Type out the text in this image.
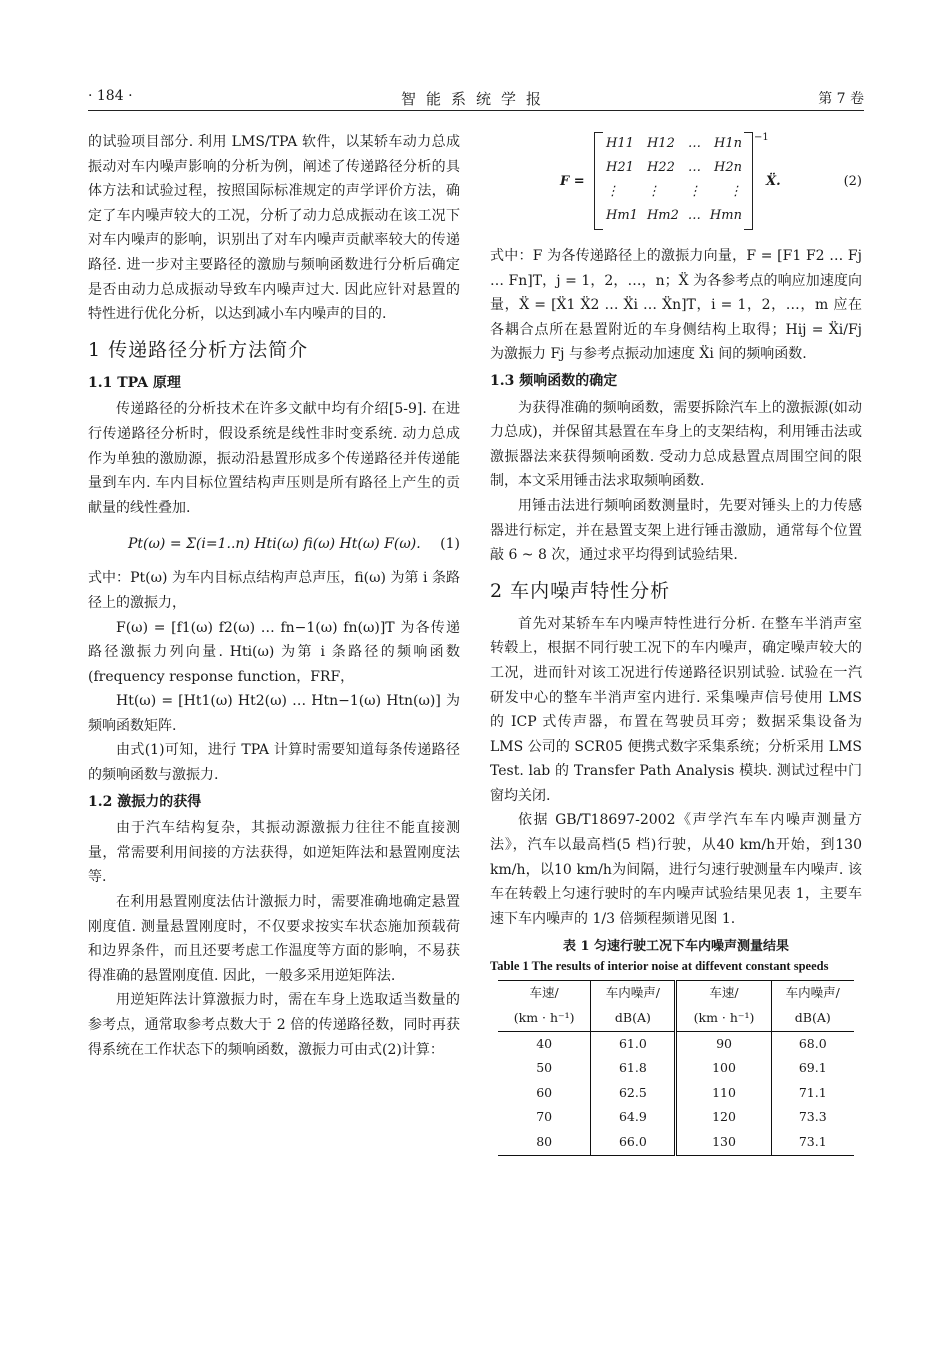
· 184 ·	智能系统学报	第 7 卷

的试验项目部分. 利用 LMS/TPA 软件，以某轿车动力总成振动对车内噪声影响的分析为例，阐述了传递路径分析的具体方法和试验过程，按照国际标准规定的声学评价方法，确定了车内噪声较大的工况，分析了动力总成振动在该工况下对车内噪声的影响，识别出了对车内噪声贡献率较大的传递路径. 进一步对主要路径的激励与频响函数进行分析后确定是否由动力总成振动导致车内噪声过大. 因此应针对悬置的特性进行优化分析，以达到减小车内噪声的目的.

1 传递路径分析方法简介
1.1 TPA 原理

传递路径的分析技术在许多文献中均有介绍[5-9]. 在进行传递路径分析时，假设系统是线性非时变系统. 动力总成作为单独的激励源，振动沿悬置形成多个传递路径并传递能量到车内. 车内目标位置结构声压则是所有路径上产生的贡献量的线性叠加.

Pt(ω) = Σ(i=1..n) Hti(ω) fi(ω) Ht(ω) F(ω). (1)

式中：Pt(ω) 为车内目标点结构声总声压，fi(ω) 为第 i 条路径上的激振力，

F(ω) = [f1(ω) f2(ω) … fn−1(ω) fn(ω)]T 为各传递路径激振力列向量. Hti(ω) 为第 i 条路径的频响函数(frequency response function，FRF，

Ht(ω) = [Ht1(ω) Ht2(ω) … Htn−1(ω) Htn(ω)] 为频响函数矩阵.

由式(1)可知，进行 TPA 计算时需要知道每条传递路径的频响函数与激振力.

1.2 激振力的获得

由于汽车结构复杂，其振动源激振力往往不能直接测量，常需要利用间接的方法获得，如逆矩阵法和悬置刚度法等.

在利用悬置刚度法估计激振力时，需要准确地确定悬置刚度值. 测量悬置刚度时，不仅要求按实车状态施加预载荷和边界条件，而且还要考虑工作温度等方面的影响，不易获得准确的悬置刚度值. 因此，一般多采用逆矩阵法.

用逆矩阵法计算激振力时，需在车身上选取适当数量的参考点，通常取参考点数大于 2 倍的传递路径数，同时再获得系统在工作状态下的频响函数，激振力可由式(2)计算：

F =
H11 H12 … H1n
H21 H22 … H2n
⋮ ⋮ ⋮ ⋮
Hm1 Hm2 … Hmn
−1
Ẍ.	(2)

式中：F 为各传递路径上的激振力向量，F = [F1 F2 … Fj … Fn]T，j = 1，2，…，n；Ẍ 为各参考点的响应加速度向量，Ẍ = [Ẍ1 Ẍ2 … Ẍi … Ẍn]T，i = 1，2，…，m 应在各耦合点所在悬置附近的车身侧结构上取得；Hij = Ẍi/Fj 为激振力 Fj 与参考点振动加速度 Ẍi 间的频响函数.

1.3 频响函数的确定

为获得准确的频响函数，需要拆除汽车上的激振源(如动力总成)，并保留其悬置在车身上的支架结构，利用锤击法或激振器法来获得频响函数. 受动力总成悬置点周围空间的限制，本文采用锤击法求取频响函数.

用锤击法进行频响函数测量时，先要对锤头上的力传感器进行标定，并在悬置支架上进行锤击激励，通常每个位置敲 6 ~ 8 次，通过求平均得到试验结果.

2 车内噪声特性分析

首先对某轿车车内噪声特性进行分析. 在整车半消声室转毂上，根据不同行驶工况下的车内噪声，确定噪声较大的工况，进而针对该工况进行传递路径识别试验. 试验在一汽研发中心的整车半消声室内进行. 采集噪声信号使用 LMS 的 ICP 式传声器，布置在驾驶员耳旁；数据采集设备为 LMS 公司的 SCR05 便携式数字采集系统；分析采用 LMS Test. lab 的 Transfer Path Analysis 模块. 测试过程中门窗均关闭.

依据 GB/T18697-2002《声学汽车车内噪声测量方法》，汽车以最高档(5 档)行驶，从40 km/h开始，到130 km/h，以10 km/h为间隔，进行匀速行驶测量车内噪声. 该车在转毂上匀速行驶时的车内噪声试验结果见表 1，主要车速下车内噪声的 1/3 倍频程频谱见图 1.

表 1 匀速行驶工况下车内噪声测量结果
Table 1 The results of interior noise at diffevent constant speeds
车速/	车内噪声/	车速/	车内噪声/
(km · h⁻¹)	dB(A)	(km · h⁻¹)	dB(A)
40	61.0	90	68.0
50	61.8	100	69.1
60	62.5	110	71.1
70	64.9	120	73.3
80	66.0	130	73.1
